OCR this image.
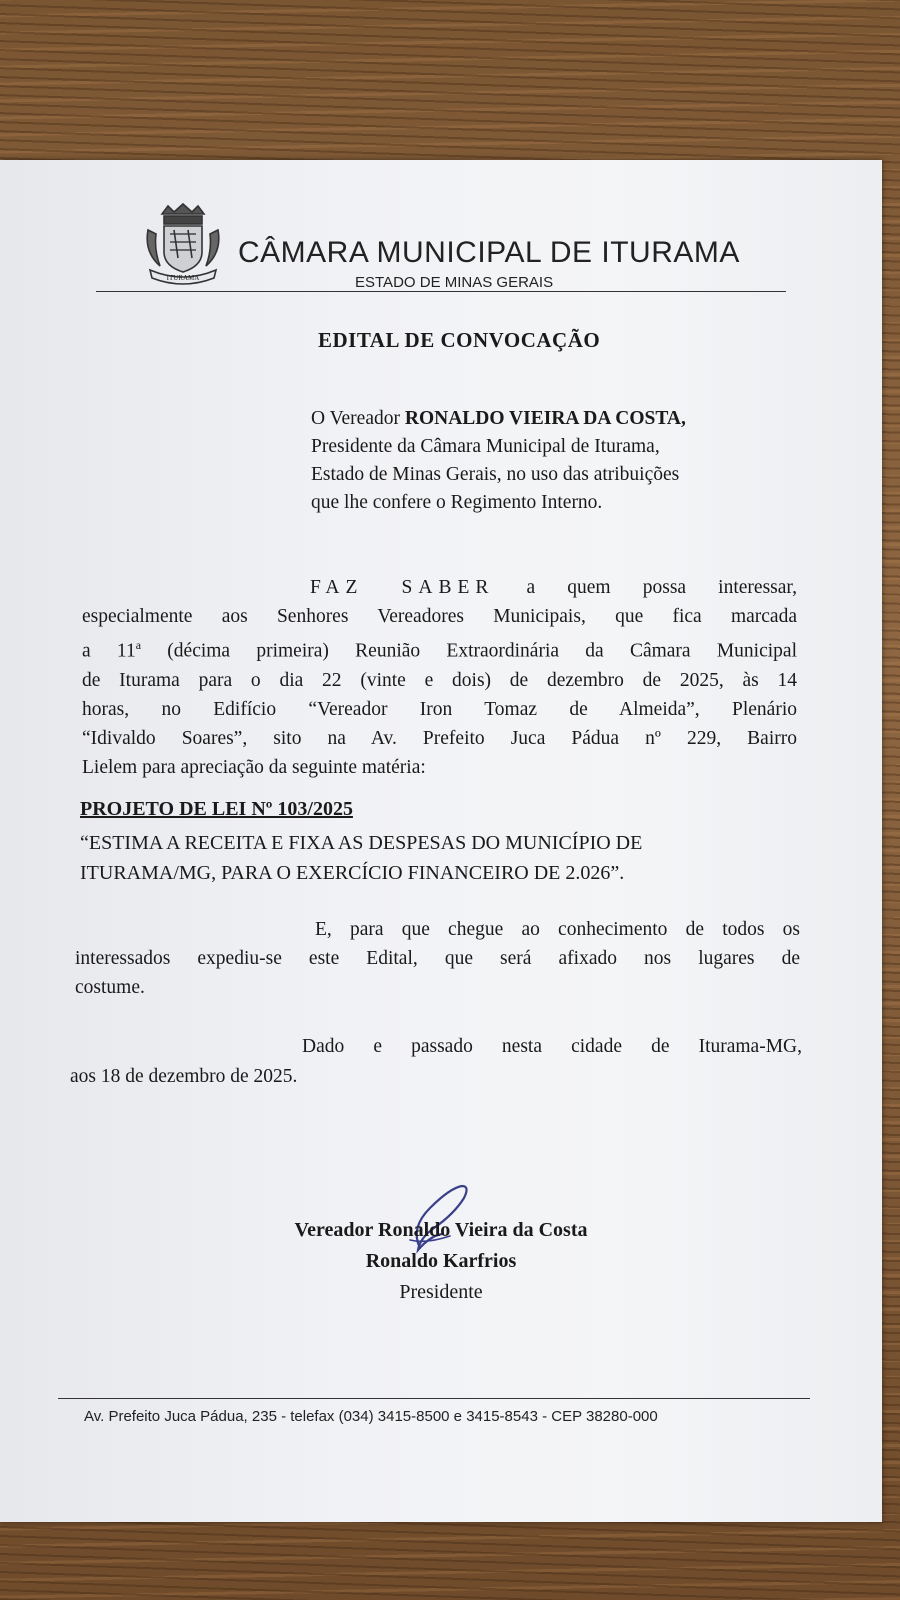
ITURAMA
CÂMARA MUNICIPAL DE ITURAMA
ESTADO DE MINAS GERAIS
EDITAL DE CONVOCAÇÃO
O Vereador RONALDO VIEIRA DA COSTA,
Presidente da Câmara Municipal de Iturama,
Estado de Minas Gerais, no uso das atribuições
que lhe confere o Regimento Interno.
FAZ SABER a quem possa interessar,
especialmente aos Senhores Vereadores Municipais, que fica marcada
a 11$^a$ (décima primeira) Reunião Extraordinária da Câmara Municipal
de Iturama para o dia 22 (vinte e dois) de dezembro de 2025, às 14
horas, no Edifício “Vereador Iron Tomaz de Almeida”, Plenário
“Idivaldo Soares”, sito na Av. Prefeito Juca Pádua nº 229, Bairro
Lielem para apreciação da seguinte matéria:
PROJETO DE LEI Nº 103/2025
“ESTIMA A RECEITA E FIXA AS DESPESAS DO MUNICÍPIO DE
ITURAMA/MG, PARA O EXERCÍCIO FINANCEIRO DE 2.026”.
E, para que chegue ao conhecimento de todos os
interessados expediu-se este Edital, que será afixado nos lugares de
costume.
Dado e passado nesta cidade de Iturama-MG,
aos 18 de dezembro de 2025.
Vereador Ronaldo Vieira da Costa
Ronaldo Karfrios
Presidente
Av. Prefeito Juca Pádua, 235 - telefax (034) 3415-8500 e 3415-8543 - CEP 38280-000
